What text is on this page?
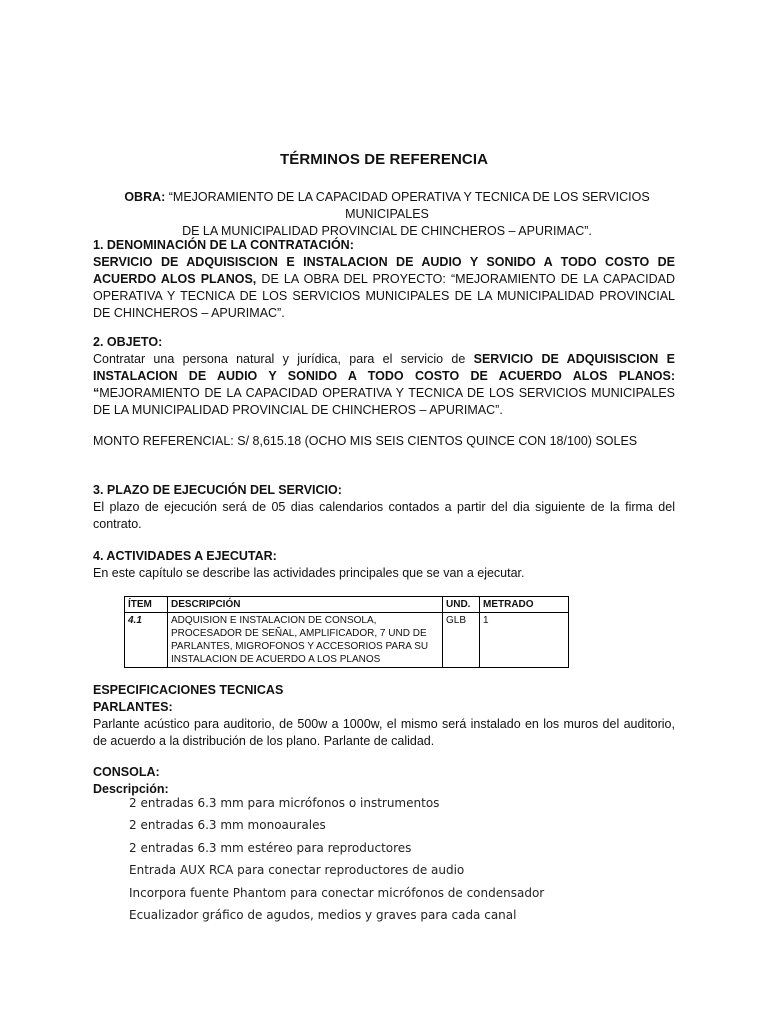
TÉRMINOS DE REFERENCIA
OBRA: “MEJORAMIENTO DE LA CAPACIDAD OPERATIVA Y TECNICA DE LOS SERVICIOS MUNICIPALES
DE LA MUNICIPALIDAD PROVINCIAL DE CHINCHEROS – APURIMAC”.
1. DENOMINACIÓN DE LA CONTRATACIÓN:
SERVICIO DE ADQUISISCION E INSTALACION DE AUDIO Y SONIDO A TODO COSTO DE ACUERDO ALOS PLANOS, DE LA OBRA DEL PROYECTO: “MEJORAMIENTO DE LA CAPACIDAD OPERATIVA Y TECNICA DE LOS SERVICIOS MUNICIPALES DE LA MUNICIPALIDAD PROVINCIAL DE CHINCHEROS – APURIMAC”.
2. OBJETO:
Contratar una persona natural y jurídica, para el servicio de SERVICIO DE ADQUISISCION E INSTALACION DE AUDIO Y SONIDO A TODO COSTO DE ACUERDO ALOS PLANOS: “MEJORAMIENTO DE LA CAPACIDAD OPERATIVA Y TECNICA DE LOS SERVICIOS MUNICIPALES DE LA MUNICIPALIDAD PROVINCIAL DE CHINCHEROS – APURIMAC”.
MONTO REFERENCIAL: S/ 8,615.18 (OCHO MIS SEIS CIENTOS QUINCE CON 18/100) SOLES
3. PLAZO DE EJECUCIÓN DEL SERVICIO:
El plazo de ejecución será de 05 dias calendarios contados a partir del dia siguiente de la firma del contrato.
4. ACTIVIDADES A EJECUTAR:
En este capítulo se describe las actividades principales que se van a ejecutar.
ÍTEM	DESCRIPCIÓN	UND.	METRADO
4.1	ADQUISION E INSTALACION DE CONSOLA, PROCESADOR DE SEÑAL, AMPLIFICADOR, 7 UND DE PARLANTES, MIGROFONOS Y ACCESORIOS PARA SU INSTALACION DE ACUERDO A LOS PLANOS	GLB	1
ESPECIFICACIONES TECNICAS
PARLANTES:
Parlante acústico para auditorio, de 500w a 1000w, el mismo será instalado en los muros del auditorio, de acuerdo a la distribución de los plano. Parlante de calidad.
CONSOLA:
Descripción:
2 entradas 6.3 mm para micrófonos o instrumentos
2 entradas 6.3 mm monoaurales
2 entradas 6.3 mm estéreo para reproductores
Entrada AUX RCA para conectar reproductores de audio
Incorpora fuente Phantom para conectar micrófonos de condensador
Ecualizador gráfico de agudos, medios y graves para cada canal
